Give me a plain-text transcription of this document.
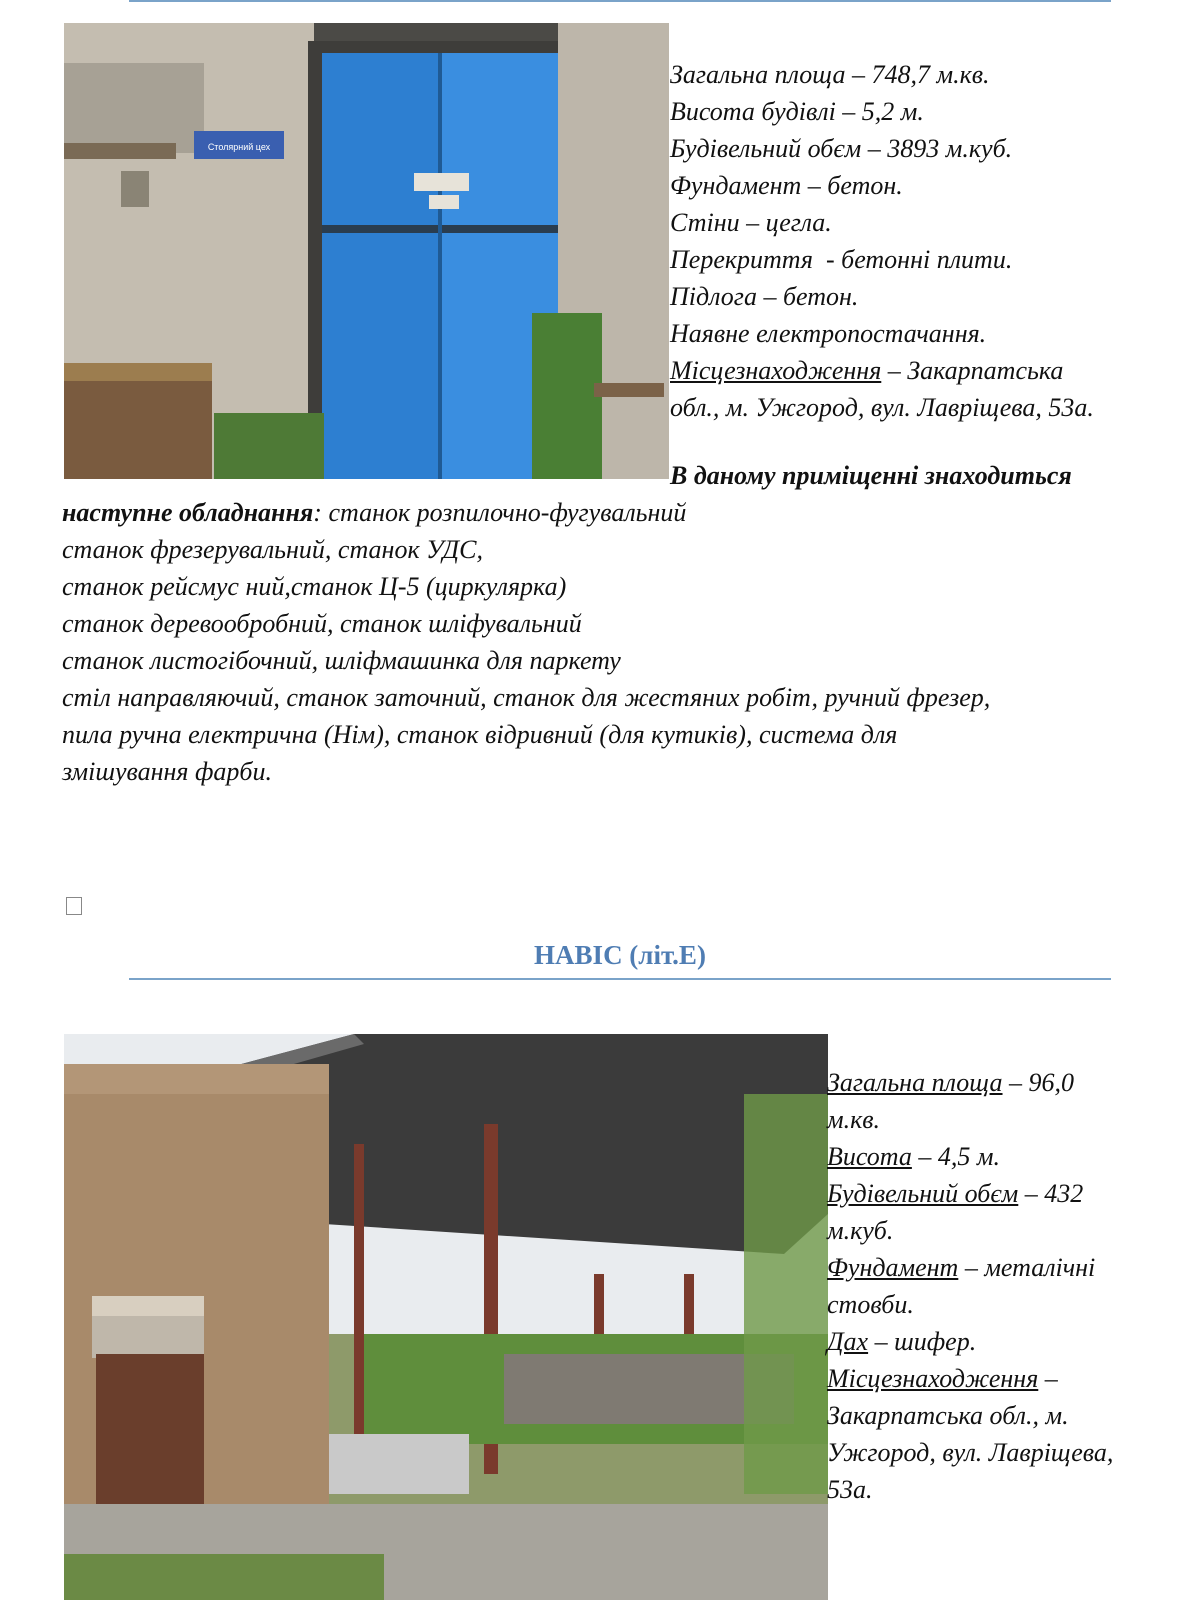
Столярний цех
Загальна площа – 748,7 м.кв.
Висота будівлі – 5,2 м.
Будівельний обєм – 3893 м.куб.
Фундамент – бетон.
Стіни – цегла.
Перекриття  - бетонні плити.
Підлога – бетон.
Наявне електропостачання.
Місцезнаходження – Закарпатська
обл., м. Ужгород, вул. Лаврiщева, 53а.
В даному приміщенні знаходиться
наступне обладнання: станок розпилочно-фугувальний
станок фрезерувальний, станок УДС,
станок рейсмус ний,станок Ц-5 (циркулярка)
станок деревообробний, станок шліфувальний
станок листогібочний, шліфмашинка для паркету
стіл направляючий, станок заточний, станок для жестяних робіт, ручний фрезер,
пила ручна електрична (Нім), станок відривний (для кутиків), система для
змішування фарби.
НАВІС (літ.Е)
Загальна площа – 96,0
м.кв.
Висота – 4,5 м.
Будівельний обєм – 432
м.куб.
Фундамент – металічні
стовби.
Дах – шифер.
Місцезнаходження –
Закарпатська обл., м.
Ужгород, вул. Лаврiщева,
53а.
